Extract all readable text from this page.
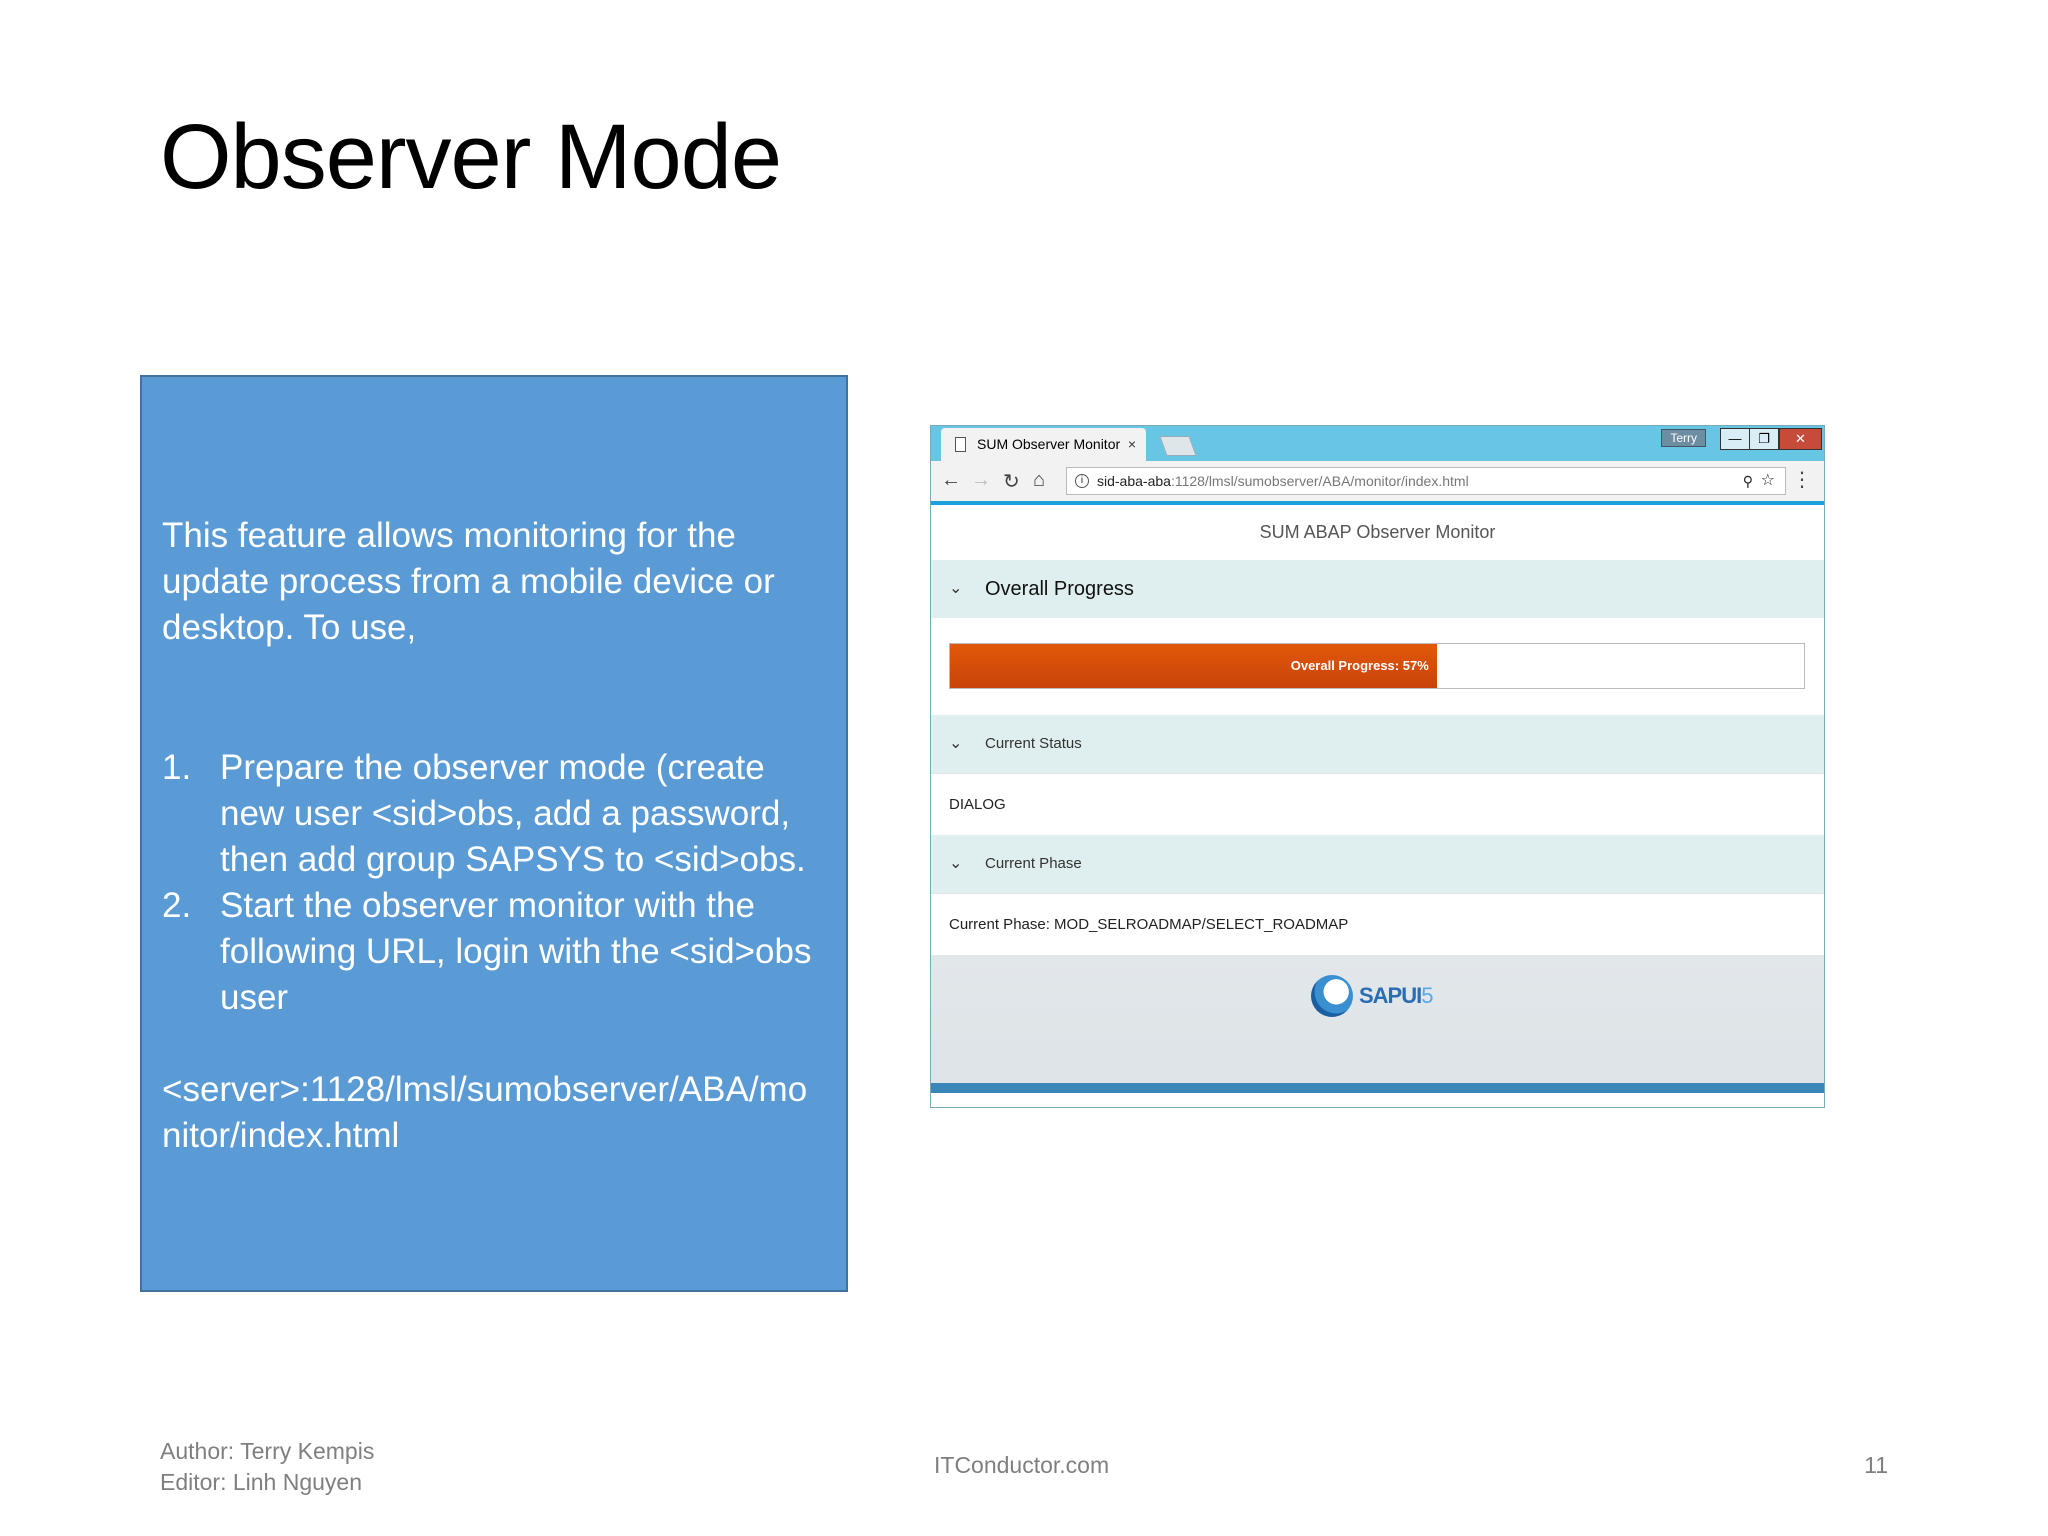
Observer Mode

This feature allows monitoring for the update process from a mobile device or desktop. To use,

1. Prepare the observer mode (create new user <sid>obs, add a password, then add group SAPSYS to <sid>obs.
2. Start the observer monitor with the following URL, login with the <sid>obs user

<server>:1128/lmsl/sumobserver/ABA/monitor/index.html

SUM Observer Monitor ×	Terry	—	❐	✕
← → ↻ ⌂	i sid-aba-aba:1128/lmsl/sumobserver/ABA/monitor/index.html	⚲ ☆ ⋮
SUM ABAP Observer Monitor
⌄ Overall Progress
Overall Progress: 57%
⌄ Current Status
DIALOG
⌄ Current Phase
Current Phase: MOD_SELROADMAP/SELECT_ROADMAP
SAPUI5
Author: Terry Kempis
Editor: Linh Nguyen
ITConductor.com	11
